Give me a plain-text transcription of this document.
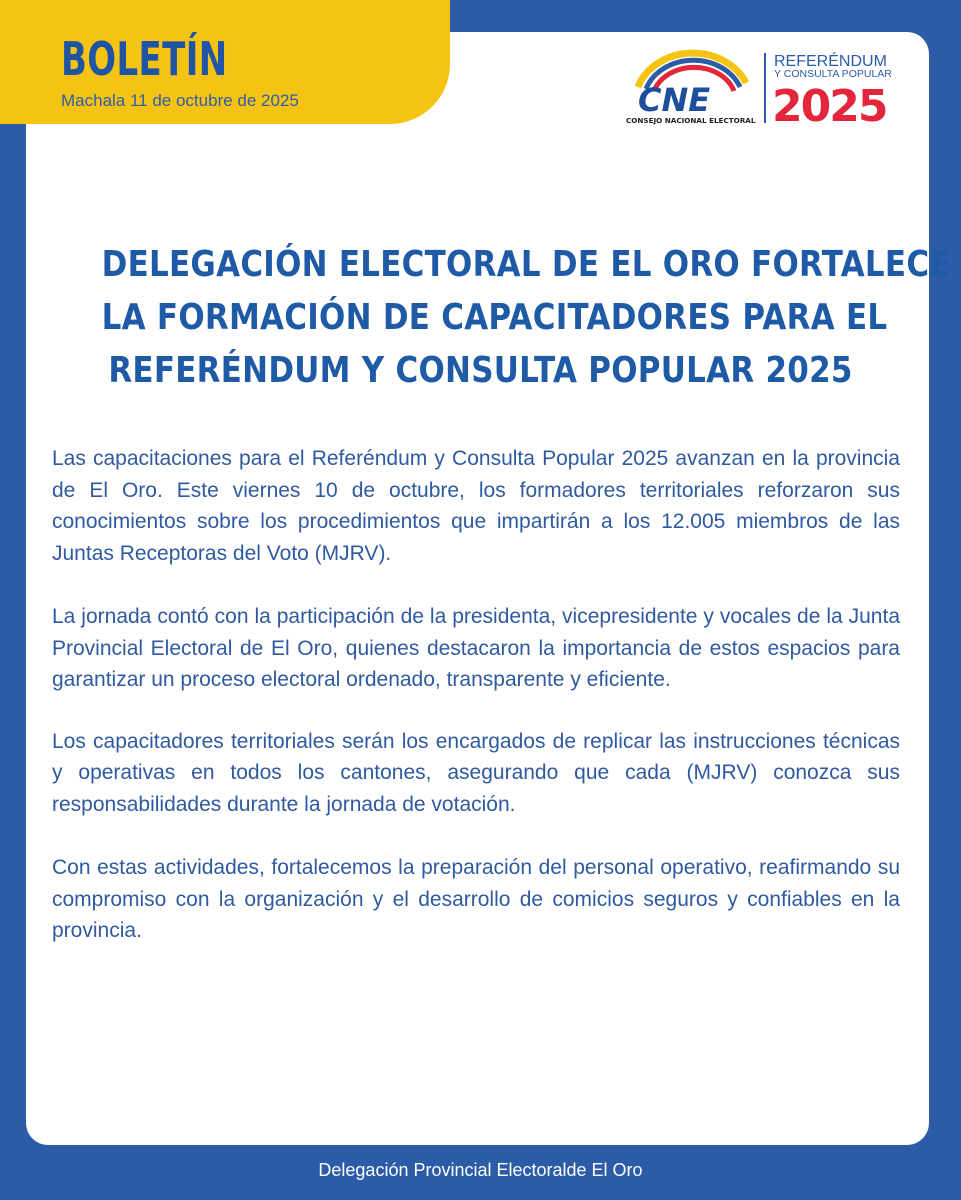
BOLETÍN
Machala 11 de octubre de 2025	CNE
CONSEJO NACIONAL ELECTORAL
REFERÉNDUM
Y CONSULTA POPULAR
2025
DELEGACIÓN ELECTORAL DE EL ORO FORTALECE
LA FORMACIÓN DE CAPACITADORES PARA EL
REFERÉNDUM Y CONSULTA POPULAR 2025

Las capacitaciones para el Referéndum y Consulta Popular 2025 avanzan en la provincia de El Oro. Este viernes 10 de octubre, los formadores territoriales reforzaron sus conocimientos sobre los procedimientos que impartirán a los 12.005 miembros de las Juntas Receptoras del Voto (MJRV).

La jornada contó con la participación de la presidenta, vicepresidente y vocales de la Junta Provincial Electoral de El Oro, quienes destacaron la importancia de estos espacios para garantizar un proceso electoral ordenado, transparente y eficiente.

Los capacitadores territoriales serán los encargados de replicar las instrucciones técnicas y operativas en todos los cantones, asegurando que cada (MJRV) conozca sus responsabilidades durante la jornada de votación.

Con estas actividades, fortalecemos la preparación del personal operativo, reafirmando su compromiso con la organización y el desarrollo de comicios seguros y confiables en la provincia.

Delegación Provincial Electoralde El Oro
